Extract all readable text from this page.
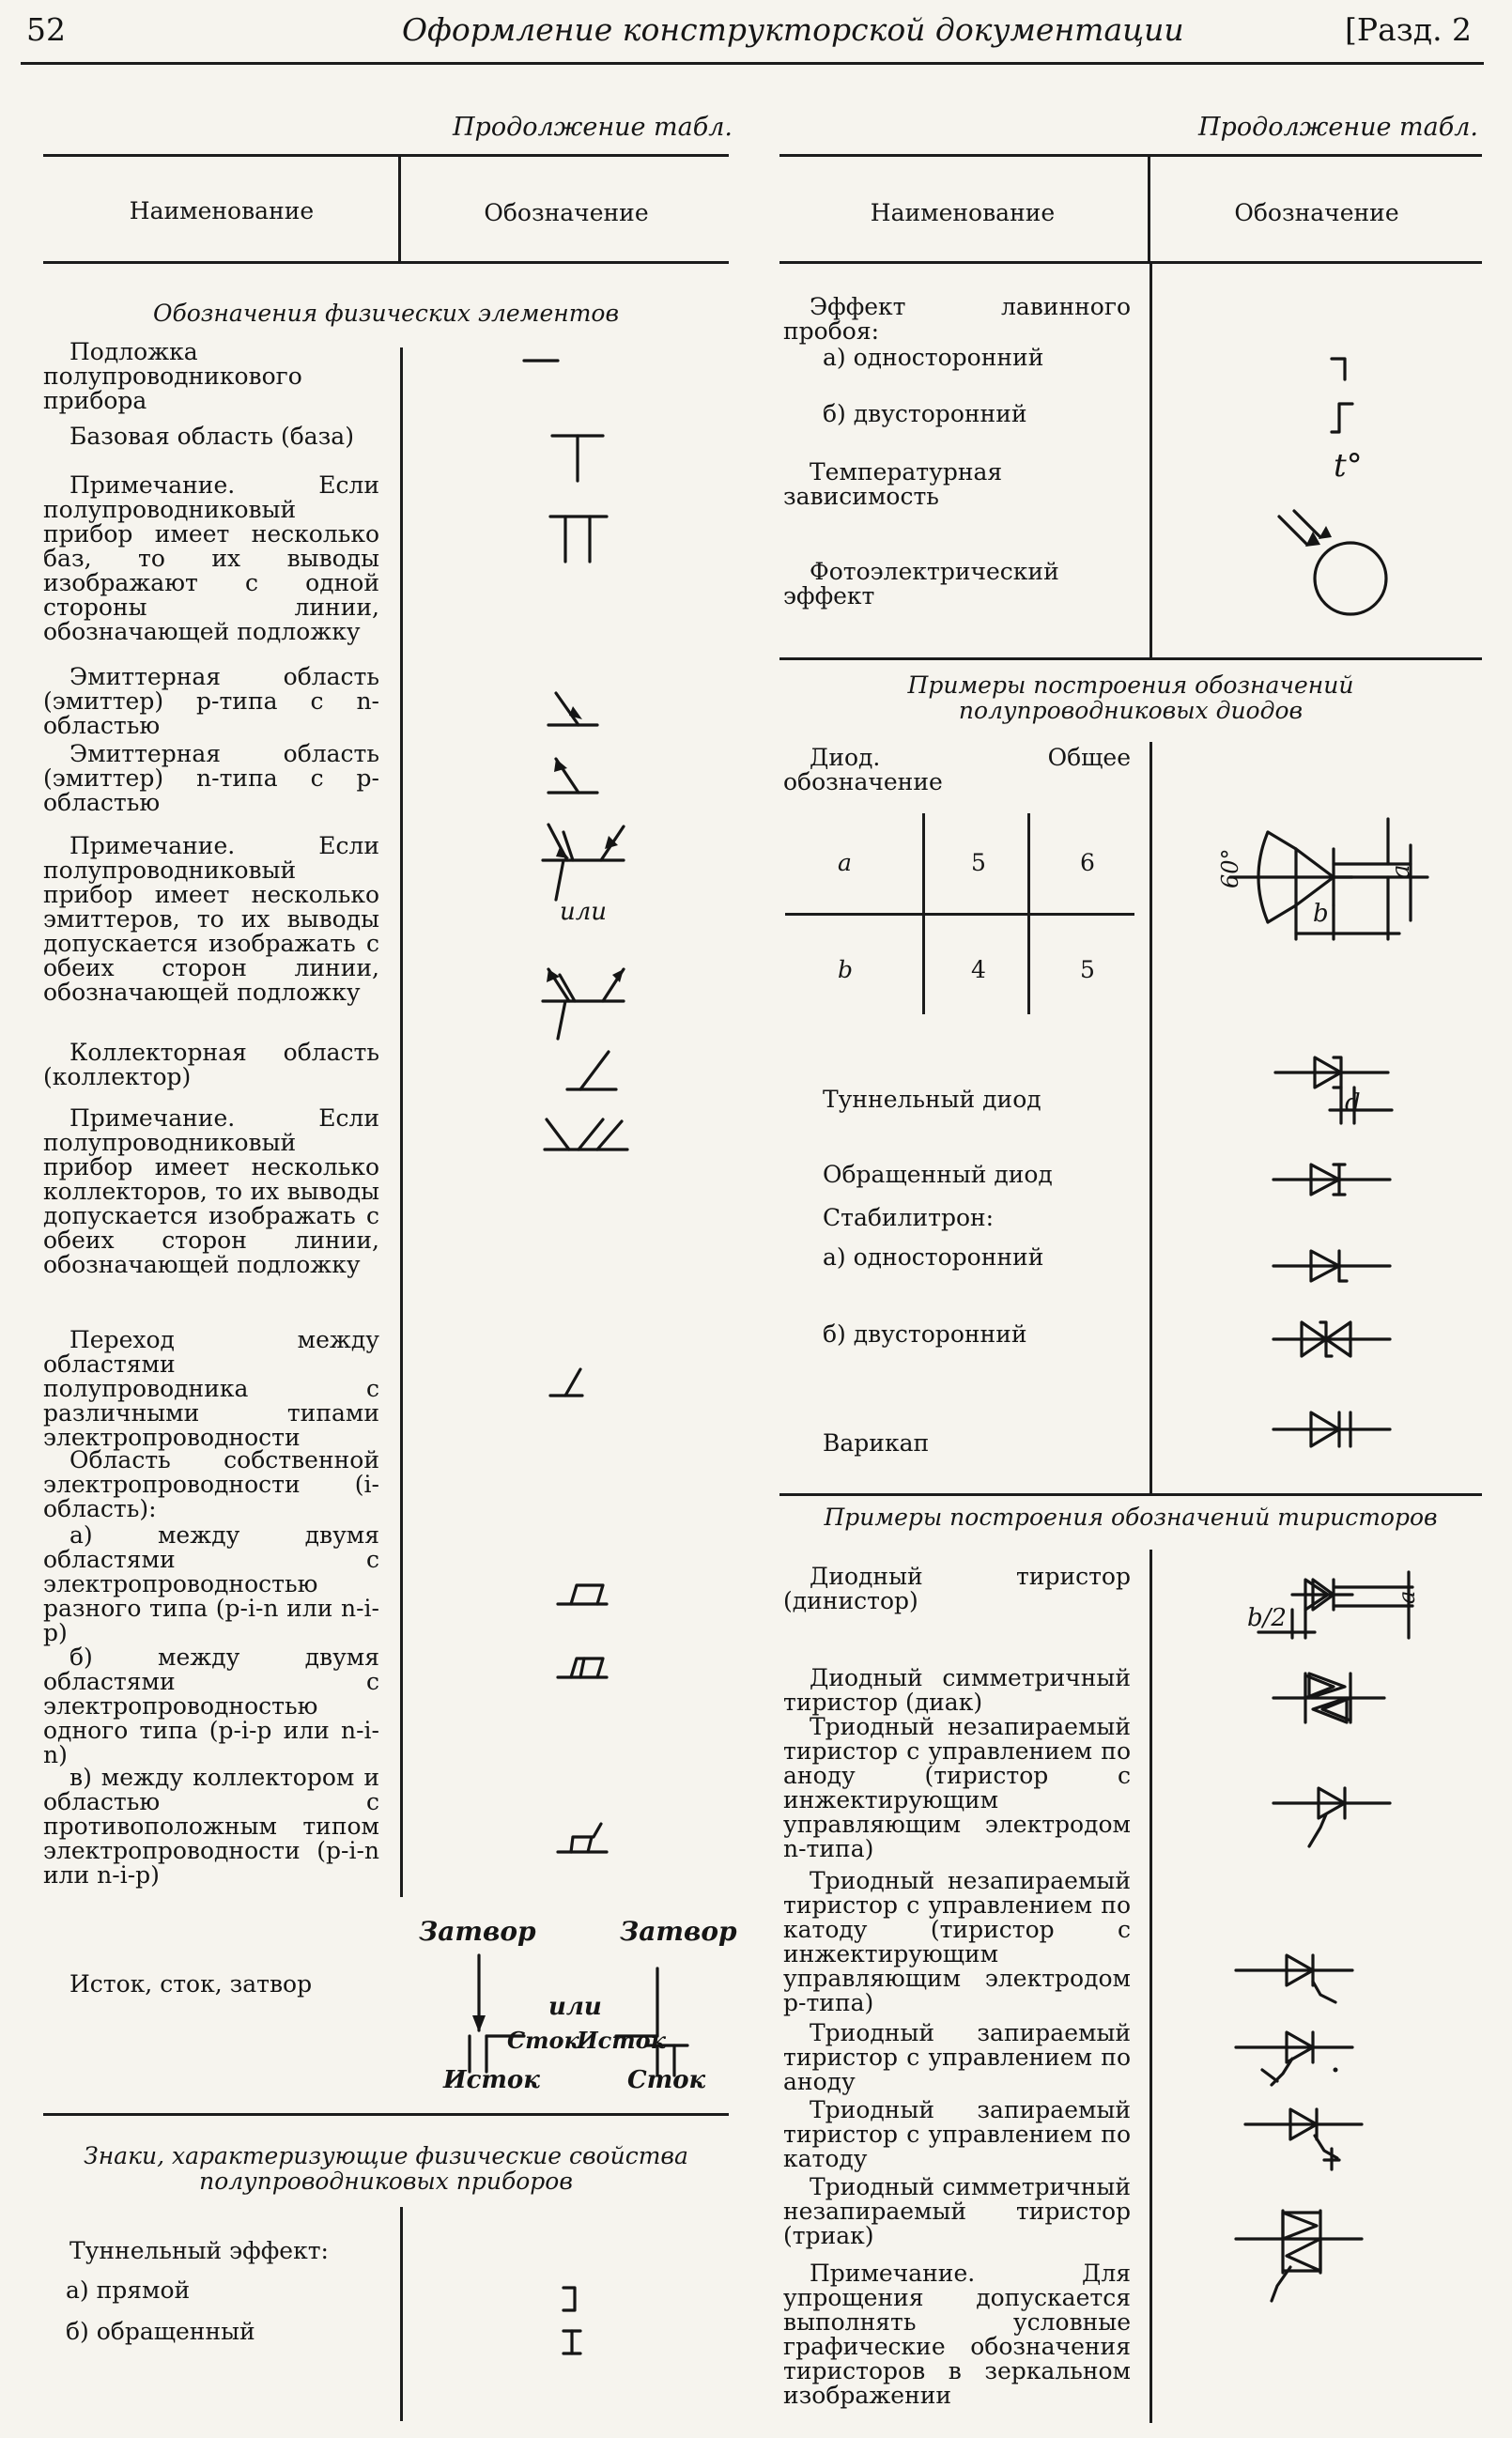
52	Оформление конструкторской документации	[Разд. 2
Продолжение табл.
Наименование	Обозначение
Продолжение табл.
Наименование	Обозначение
Обозначения физических элементов
Подложка полупроводникового прибора
Базовая область (база)
Примечание. Если полупроводниковый прибор имеет несколько баз, то их выводы изображают с одной стороны линии, обозначающей подложку
Эмиттерная область (эмиттер) p-типа с n-областью
Эмиттерная область (эмиттер) n-типа с p-областью
Примечание. Если полупроводниковый прибор имеет несколько эмиттеров, то их выводы допускается изображать с обеих сторон линии, обозначающей подложку
Коллекторная область (коллектор)
Примечание. Если полупроводниковый прибор имеет несколько коллекторов, то их выводы допускается изображать с обеих сторон линии, обозначающей подложку
Переход между областями полупроводника с различными типами электропроводности
Область собственной электропроводности (i-область):
а) между двумя областями с электропроводностью разного типа (p-i-n или n-i-p)
б) между двумя областями с электропроводностью одного типа (p-i-p или n-i-n)
в) между коллектором и областью с противоположным типом электропроводности (p-i-n или n-i-p)
Исток, сток, затвор
или
Затвор	Затвор
или
Сток
Исток
Исток	Сток
Знаки, характеризующие физические свойства полупроводниковых приборов
Туннельный эффект:
а) прямой
б) обращенный
Эффект лавинного пробоя:
а) односторонний
б) двусторонний
Температурная зависимость
Фотоэлектрический эффект
t°
Примеры построения обозначений полупроводниковых диодов
Диод. Общее обозначение
a	5	6
b	4	5
60°	a
b
Туннельный диод
Обращенный диод
Стабилитрон:
а) односторонний
б) двусторонний
Варикап
d
Примеры построения обозначений тиристоров
Диодный тиристор (динистор)
Диодный симметричный тиристор (диак)
Триодный незапираемый тиристор с управлением по аноду (тиристор с инжектирующим управляющим электродом n-типа)
Триодный незапираемый тиристор с управлением по катоду (тиристор с инжектирующим управляющим электродом p-типа)
Триодный запираемый тиристор с управлением по аноду
Триодный запираемый тиристор с управлением по катоду
Триодный симметричный незапираемый тиристор (триак)
Примечание. Для упрощения допускается выполнять условные графические обозначения тиристоров в зеркальном изображении
a
b/2
